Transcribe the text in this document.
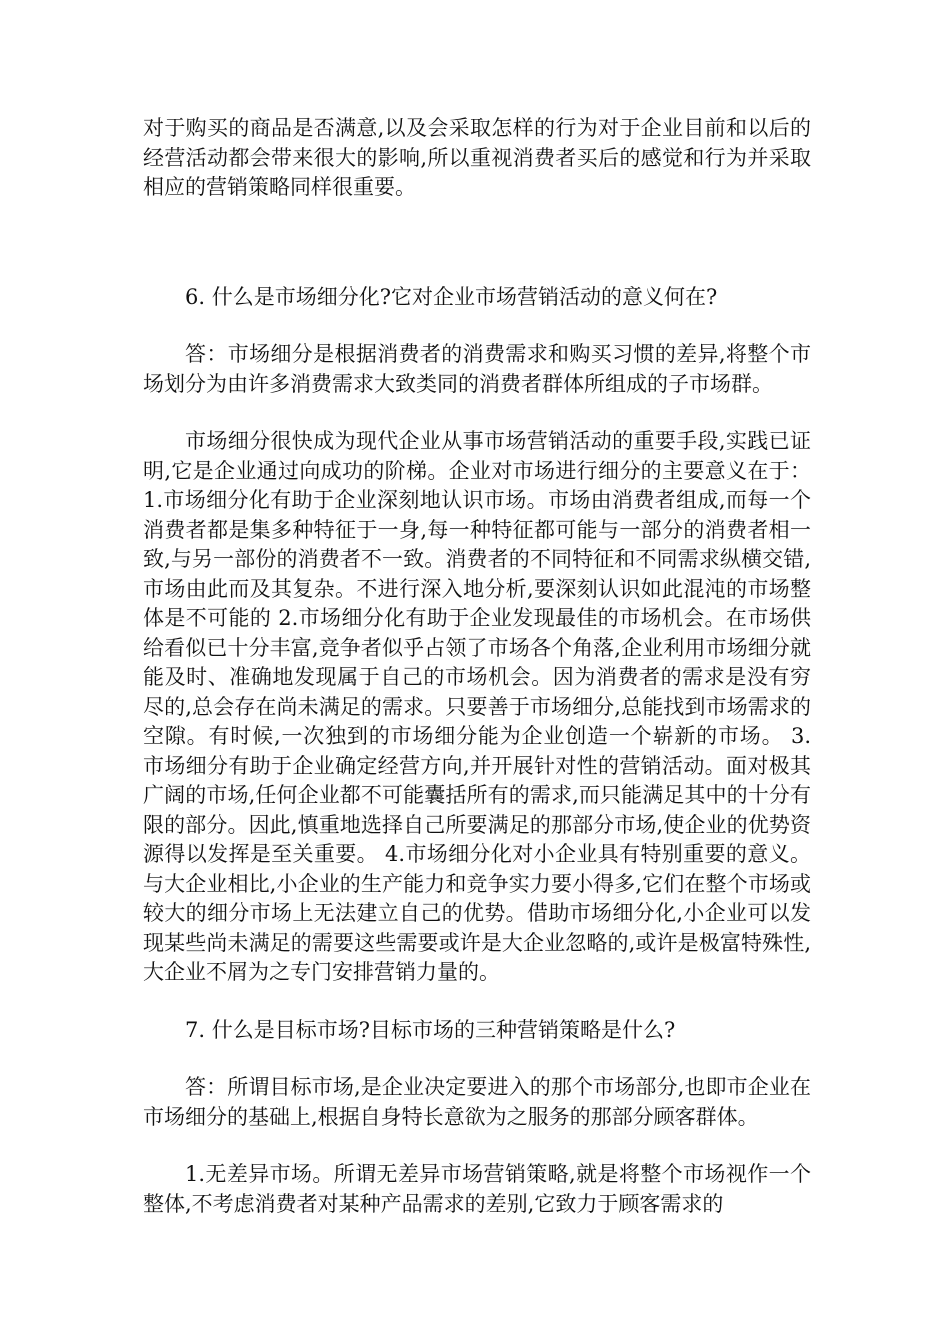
对于购买的商品是否满意,以及会采取怎样的行为对于企业目前和以后的经营活动都会带来很大的影响,所以重视消费者买后的感觉和行为并采取相应的营销策略同样很重要。

6. 什么是市场细分化?它对企业市场营销活动的意义何在?

答：市场细分是根据消费者的消费需求和购买习惯的差异,将整个市场划分为由许多消费需求大致类同的消费者群体所组成的子市场群。

市场细分很快成为现代企业从事市场营销活动的重要手段,实践已证明,它是企业通过向成功的阶梯。企业对市场进行细分的主要意义在于：1.市场细分化有助于企业深刻地认识市场。市场由消费者组成,而每一个消费者都是集多种特征于一身,每一种特征都可能与一部分的消费者相一致,与另一部份的消费者不一致。消费者的不同特征和不同需求纵横交错,市场由此而及其复杂。不进行深入地分析,要深刻认识如此混沌的市场整体是不可能的 2.市场细分化有助于企业发现最佳的市场机会。在市场供给看似已十分丰富,竞争者似乎占领了市场各个角落,企业利用市场细分就能及时、准确地发现属于自己的市场机会。因为消费者的需求是没有穷尽的,总会存在尚未满足的需求。只要善于市场细分,总能找到市场需求的空隙。有时候,一次独到的市场细分能为企业创造一个崭新的市场。 3. 市场细分有助于企业确定经营方向,并开展针对性的营销活动。面对极其广阔的市场,任何企业都不可能囊括所有的需求,而只能满足其中的十分有限的部分。因此,慎重地选择自己所要满足的那部分市场,使企业的优势资源得以发挥是至关重要。 4.市场细分化对小企业具有特别重要的意义。与大企业相比,小企业的生产能力和竞争实力要小得多,它们在整个市场或较大的细分市场上无法建立自己的优势。借助市场细分化,小企业可以发现某些尚未满足的需要这些需要或许是大企业忽略的,或许是极富特殊性,大企业不屑为之专门安排营销力量的。

7. 什么是目标市场?目标市场的三种营销策略是什么?

答：所谓目标市场,是企业决定要进入的那个市场部分,也即市企业在市场细分的基础上,根据自身特长意欲为之服务的那部分顾客群体。

1.无差异市场。所谓无差异市场营销策略,就是将整个市场视作一个整体,不考虑消费者对某种产品需求的差别,它致力于顾客需求的
